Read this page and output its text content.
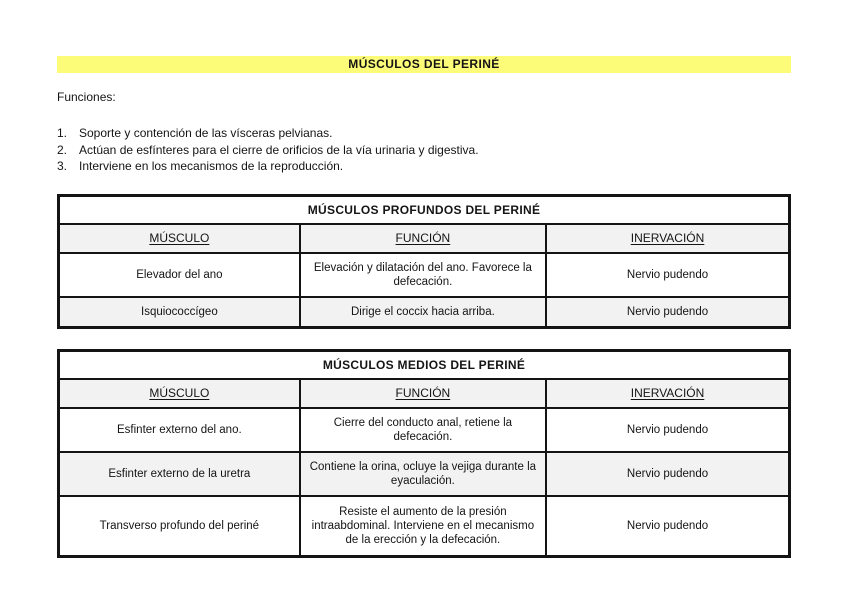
MÚSCULOS DEL PERINÉ
Funciones:
1. Soporte y contención de las vísceras pelvianas.
2. Actúan de esfínteres para el cierre de orificios de la vía urinaria y digestiva.
3. Interviene en los mecanismos de la reproducción.
MÚSCULOS PROFUNDOS DEL PERINÉ		
MÚSCULO	FUNCIÓN	INERVACIÓN
Elevador del ano	Elevación y dilatación del ano. Favorece la defecación.	Nervio pudendo
Isquiococcígeo	Dirige el coccix hacia arriba.	Nervio pudendo
MÚSCULOS MEDIOS DEL PERINÉ		
MÚSCULO	FUNCIÓN	INERVACIÓN
Esfinter externo del ano.	Cierre del conducto anal, retiene la defecación.	Nervio pudendo
Esfinter externo de la uretra	Contiene la orina, ocluye la vejiga durante la eyaculación.	Nervio pudendo
Transverso profundo del periné	Resiste el aumento de la presión intraabdominal. Interviene en el mecanismo de la erección y la defecación.	Nervio pudendo
